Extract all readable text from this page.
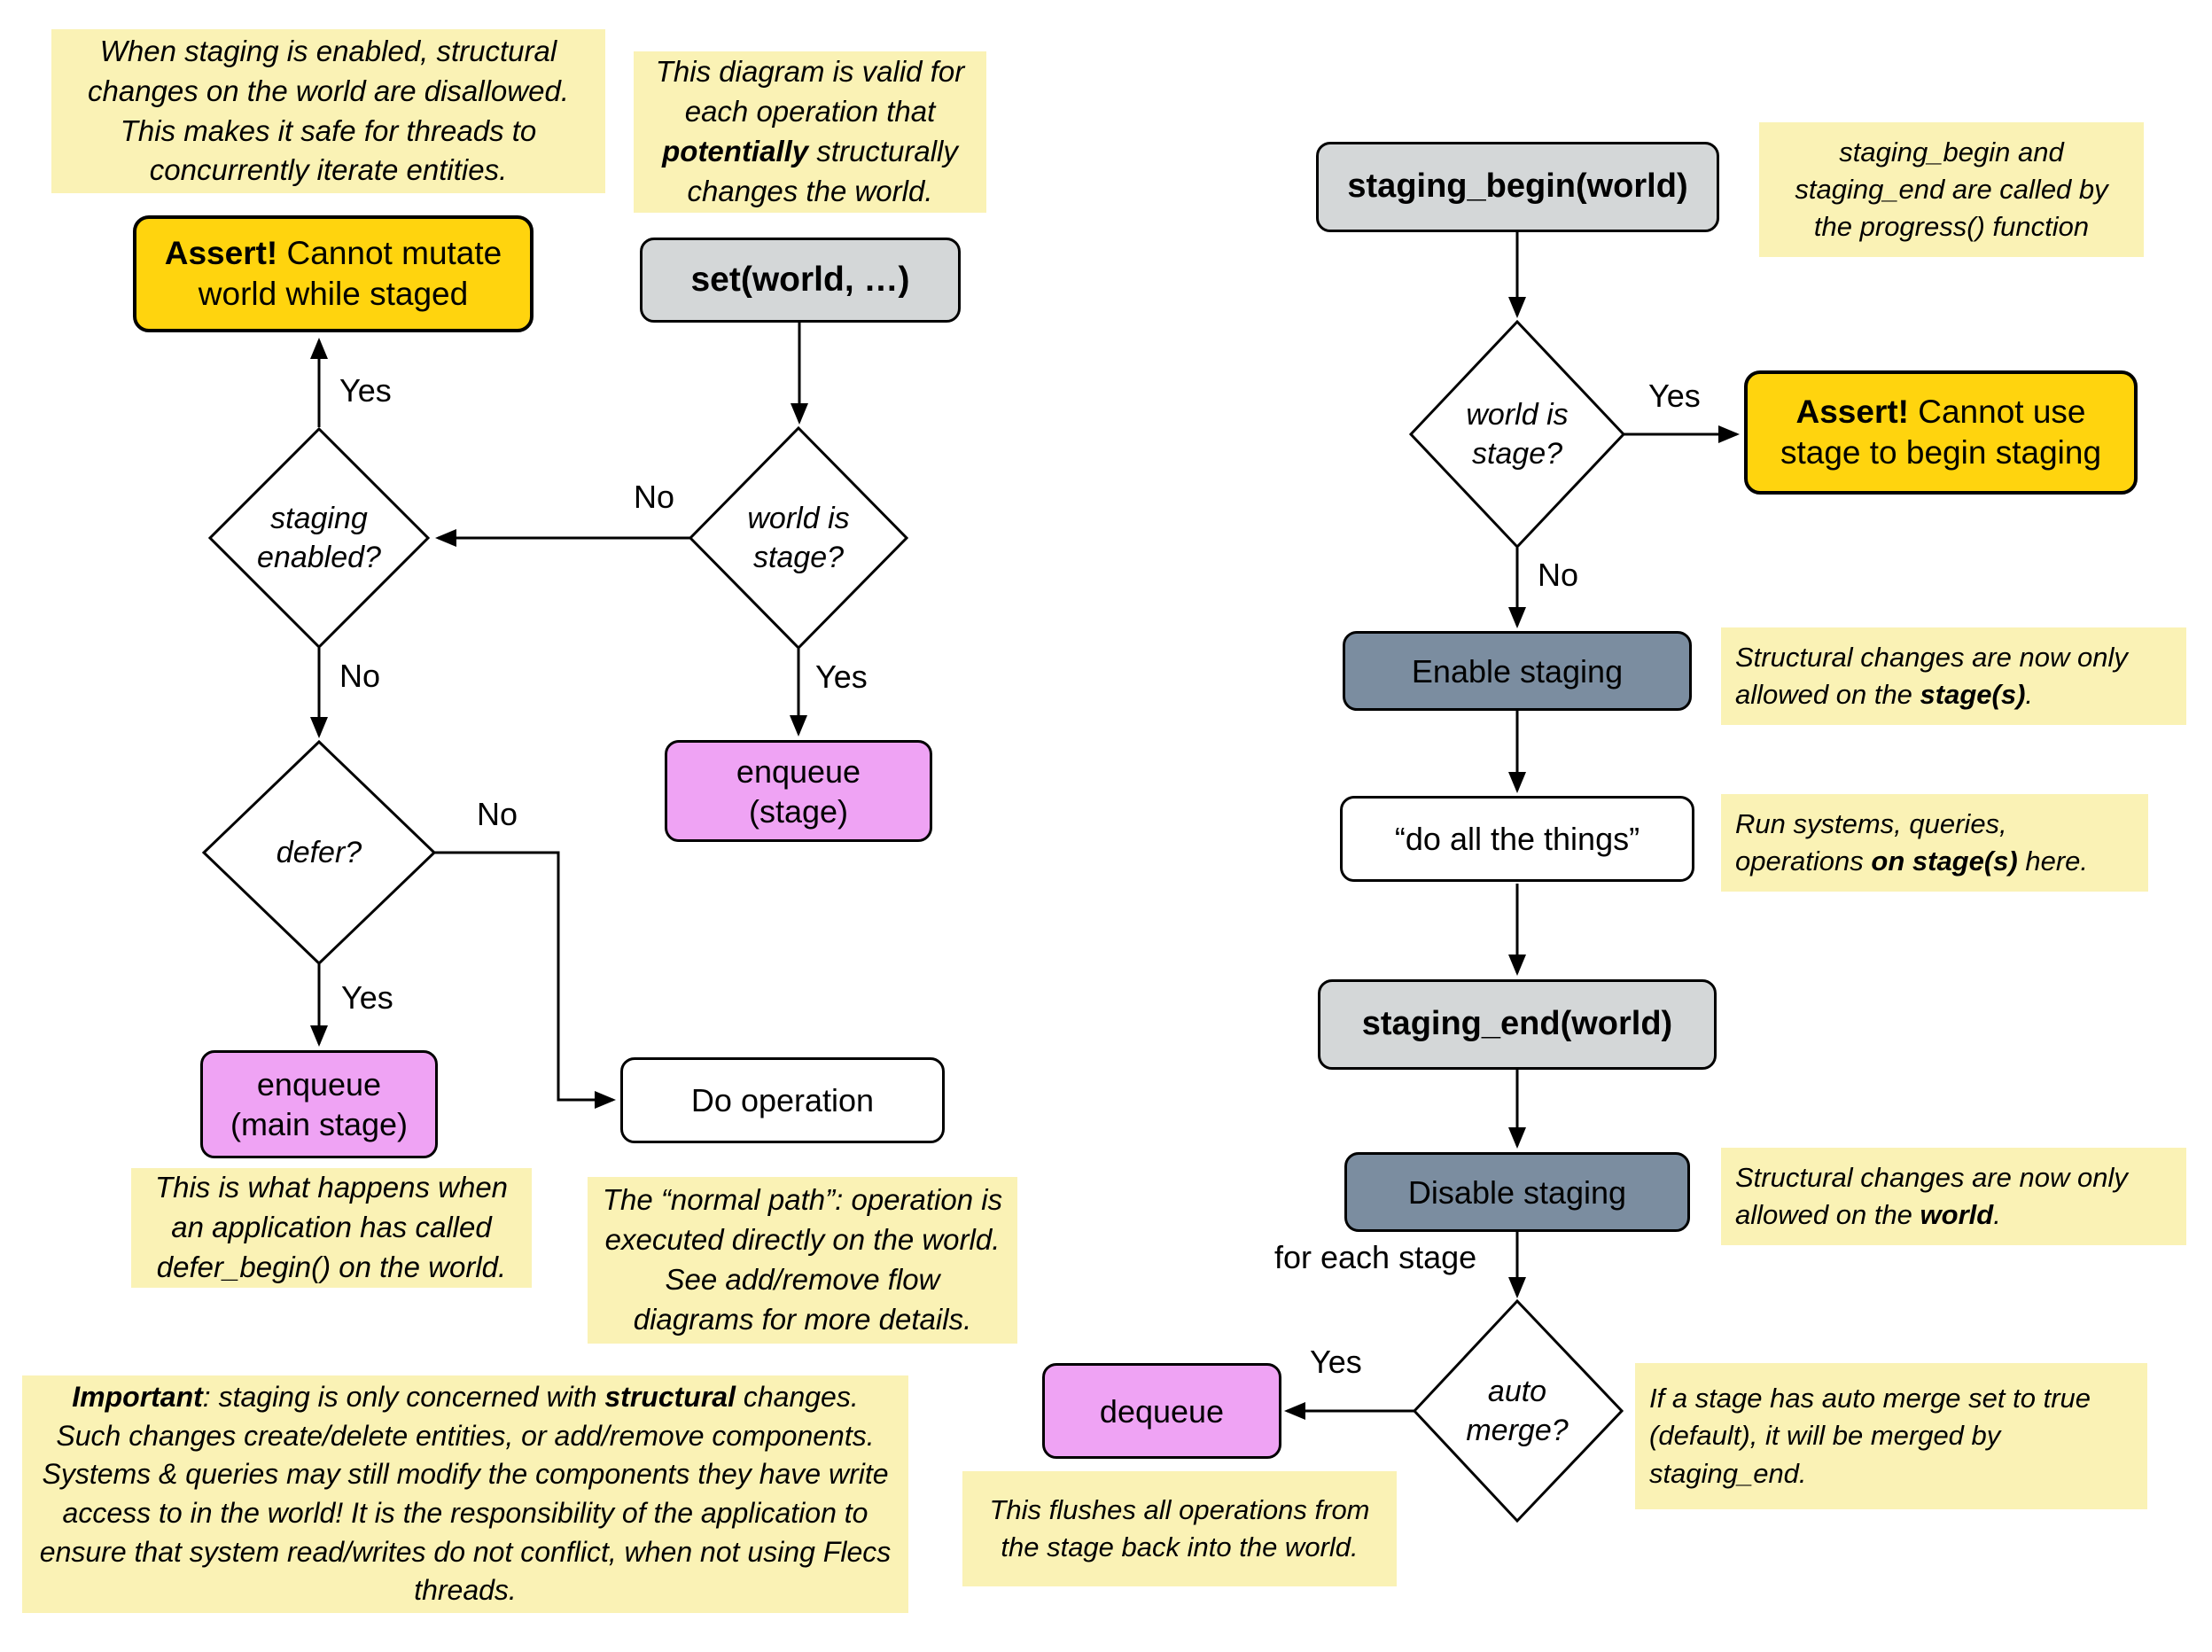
When staging is enabled, structural changes on the world are disallowed. This makes it safe for threads to concurrently iterate entities.
This diagram is valid for each operation that potentially structurally changes the world.
Assert! Cannot mutate world while staged	set(world, …)
staging enabled?
world is stage?
enqueue
(stage)
defer?
enqueue
(main stage)
Do operation
This is what happens when an application has called defer_begin() on the world.
The “normal path”: operation is executed directly on the world. See add/remove flow diagrams for more details.
Important: staging is only concerned with structural changes. Such changes create/delete entities, or add/remove components. Systems & queries may still modify the components they have write access to in the world! It is the responsibility of the application to ensure that system read/writes do not conflict, when not using Flecs threads.
Yes
No
No
Yes
No
Yes
staging_begin(world)
staging_begin and staging_end are called by the progress() function
world is stage?
Assert! Cannot use stage to begin staging
Enable staging	Structural changes are now only allowed on the stage(s).
“do all the things”	Run systems, queries, operations on stage(s) here.
staging_end(world)
Disable staging	Structural changes are now only allowed on the world.
for each stage
auto merge?
dequeue
This flushes all operations from the stage back into the world.
If a stage has auto merge set to true (default), it will be merged by staging_end.
Yes
No
Yes
